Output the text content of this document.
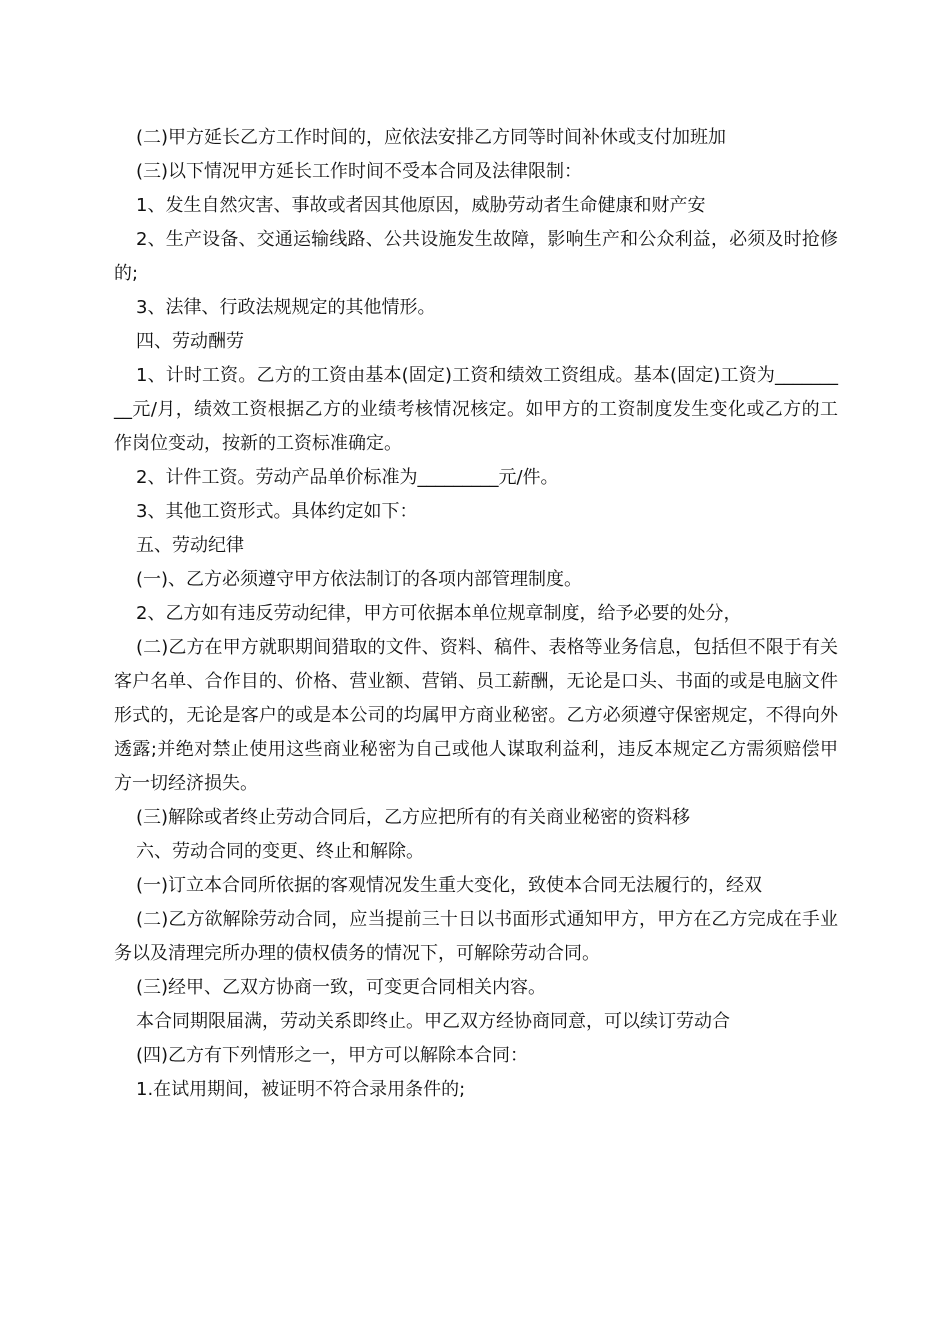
(二)甲方延长乙方工作时间的，应依法安排乙方同等时间补休或支付加班加

(三)以下情况甲方延长工作时间不受本合同及法律限制：

1、发生自然灾害、事故或者因其他原因，威胁劳动者生命健康和财产安

2、生产设备、交通运输线路、公共设施发生故障，影响生产和公众利益，必须及时抢修的;

3、法律、行政法规规定的其他情形。

四、劳动酬劳

1、计时工资。乙方的工资由基本(固定)工资和绩效工资组成。基本(固定)工资为_________元/月，绩效工资根据乙方的业绩考核情况核定。如甲方的工资制度发生变化或乙方的工作岗位变动，按新的工资标准确定。

2、计件工资。劳动产品单价标准为_________元/件。

3、其他工资形式。具体约定如下：

五、劳动纪律

(一)、乙方必须遵守甲方依法制订的各项内部管理制度。

2、乙方如有违反劳动纪律，甲方可依据本单位规章制度，给予必要的处分，

(二)乙方在甲方就职期间猎取的文件、资料、稿件、表格等业务信息，包括但不限于有关客户名单、合作目的、价格、营业额、营销、员工薪酬，无论是口头、书面的或是电脑文件形式的，无论是客户的或是本公司的均属甲方商业秘密。乙方必须遵守保密规定，不得向外透露;并绝对禁止使用这些商业秘密为自己或他人谋取利益利，违反本规定乙方需须赔偿甲方一切经济损失。

(三)解除或者终止劳动合同后，乙方应把所有的有关商业秘密的资料移

六、劳动合同的变更、终止和解除。

(一)订立本合同所依据的客观情况发生重大变化，致使本合同无法履行的，经双

(二)乙方欲解除劳动合同，应当提前三十日以书面形式通知甲方，甲方在乙方完成在手业务以及清理完所办理的债权债务的情况下，可解除劳动合同。

(三)经甲、乙双方协商一致，可变更合同相关内容。

本合同期限届满，劳动关系即终止。甲乙双方经协商同意，可以续订劳动合

(四)乙方有下列情形之一，甲方可以解除本合同：

1.在试用期间，被证明不符合录用条件的;
